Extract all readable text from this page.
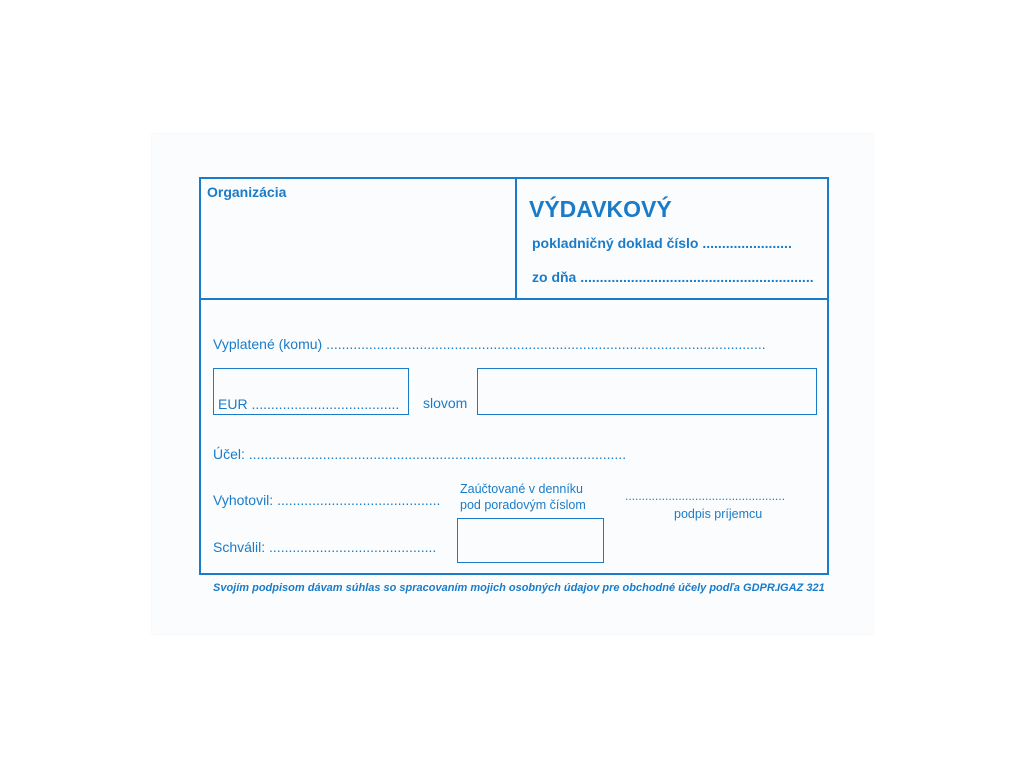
Organizácia
VÝDAVKOVÝ
pokladničný doklad číslo .......................
zo dňa ............................................................
Vyplatené (komu) .................................................................................................................
EUR ...................................... slovom
Účel: .................................................................................................
Vyhotovil: ..........................................
Zaúčtované v denníku
pod poradovým číslom
................................................
podpis príjemcu
Schválil: ...........................................
Svojím podpisom dávam súhlas so spracovaním mojich osobných údajov pre obchodné účely podľa GDPR. IGAZ 321
